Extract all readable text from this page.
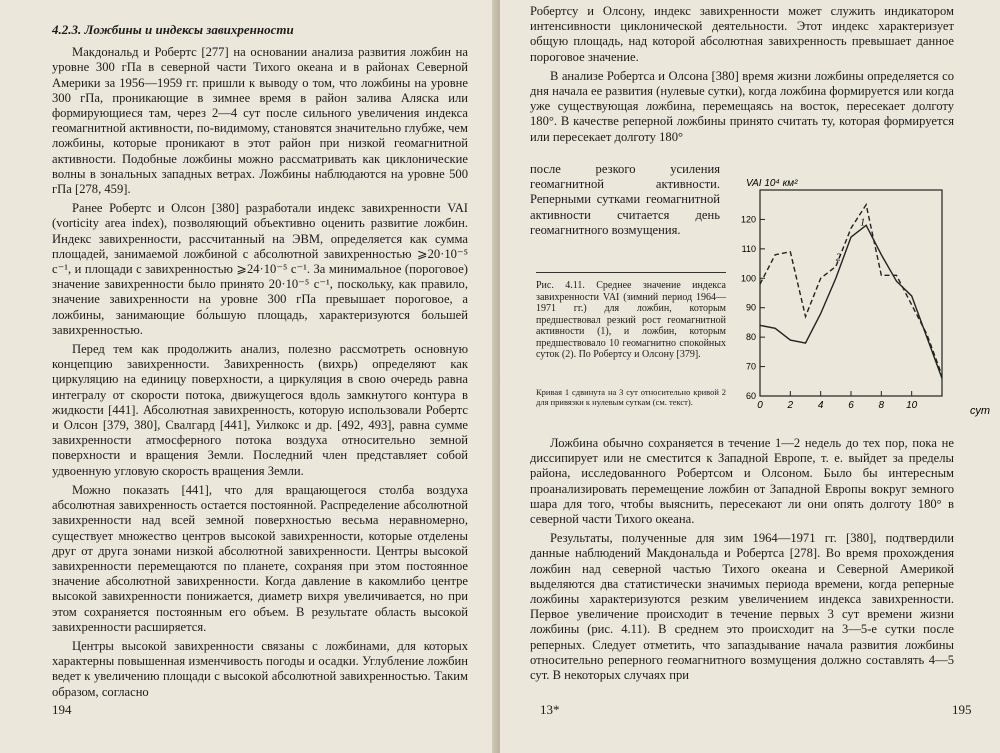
4.2.3. Ложбины и индексы завихренности

Макдональд и Робертс [277] на основании анализа развития ложбин на уровне 300 гПа в северной части Тихого океана и в районах Северной Америки за 1956—1959 гг. пришли к выводу о том, что ложбины на уровне 300 гПа, проникающие в зимнее время в район залива Аляска или формирующиеся там, через 2—4 сут после сильного увеличения индекса геомагнитной активности, по-видимому, становятся значительно глубже, чем ложбины, которые проникают в этот район при низкой геомагнитной активности. Подобные ложбины можно рассматривать как циклонические волны в зональных западных ветрах. Ложбины наблюдаются на уровне 500 гПа [278, 459].

Ранее Робертс и Олсон [380] разработали индекс завихренности VAI (vorticity area index), позволяющий объективно оценить развитие ложбин. Индекс завихренности, рассчитанный на ЭВМ, определяется как сумма площадей, занимаемой ложбиной с абсолютной завихренностью ⩾20·10⁻⁵ с⁻¹, и площади с завихренностью ⩾24·10⁻⁵ с⁻¹. За минимальное (пороговое) значение завихренности было принято 20·10⁻⁵ с⁻¹, поскольку, как правило, значение завихренности на уровне 300 гПа превышает пороговое, а ложбины, занимающие бо́льшую площадь, характеризуются большей завихренностью.

Перед тем как продолжить анализ, полезно рассмотреть основную концепцию завихренности. Завихренность (вихрь) определяют как циркуляцию на единицу поверхности, а циркуляция в свою очередь равна интегралу от скорости потока, движущегося вдоль замкнутого контура в жидкости [441]. Абсолютная завихренность, которую использовали Робертс и Олсон [379, 380], Свалгард [441], Уилкокс и др. [492, 493], равна сумме завихренности атмосферного потока воздуха относительно земной поверхности и вращения Земли. Последний член представляет собой удвоенную угловую скорость вращения Земли.

Можно показать [441], что для вращающегося столба воздуха абсолютная завихренность остается постоянной. Распределение абсолютной завихренности над всей земной поверхностью весьма неравномерно, существует множество центров высокой завихренности, которые отделены друг от друга зонами низкой абсолютной завихренности. Центры высокой завихренности перемещаются по планете, сохраняя при этом постоянное значение абсолютной завихренности. Когда давление в какомлибо центре высокой завихренности понижается, диаметр вихря увеличивается, но при этом сохраняется постоянным его объем. В результате область высокой завихренности расширяется.

Центры высокой завихренности связаны с ложбинами, для которых характерны повышенная изменчивость погоды и осадки. Углубление ложбин ведет к увеличению площади с высокой абсолютной завихренностью. Таким образом, согласно

194

Робертсу и Олсону, индекс завихренности может служить индикатором интенсивности циклонической деятельности. Этот индекс характеризует общую площадь, над которой абсолютная завихренность превышает данное пороговое значение.

В анализе Робертса и Олсона [380] время жизни ложбины определяется со дня начала ее развития (нулевые сутки), когда ложбина формируется или когда уже существующая ложбина, перемещаясь на восток, пересекает долготу 180°. В качестве реперной ложбины принято считать ту, которая формируется или пересекает долготу 180°

после резкого усиления геомагнитной активности. Реперными сутками геомагнитной активности считается день геомагнитного возмущения.

Рис. 4.11. Среднее значение индекса завихренности VAI (зимний период 1964—1971 гг.) для ложбин, которым предшествовал резкий рост геомагнитной активности (1), и ложбин, которым предшествовало 10 геомагнитно спокойных суток (2). По Робертсу и Олсону [379].

Кривая 1 сдвинута на 3 сут относительно кривой 2 для привязки к нулевым суткам (см. текст).
VAI 10⁴ км²
60
70
80
90
100
110
120
0 2 4 6 8 10
1
2
сут

Ложбина обычно сохраняется в течение 1—2 недель до тех пор, пока не диссипирует или не сместится к Западной Европе, т. е. выйдет за пределы района, исследованного Робертсом и Олсоном. Было бы интересным проанализировать перемещение ложбин от Западной Европы вокруг земного шара для того, чтобы выяснить, пересекают ли они опять долготу 180° в северной части Тихого океана.

Результаты, полученные для зим 1964—1971 гг. [380], подтвердили данные наблюдений Макдональда и Робертса [278]. Во время прохождения ложбин над северной частью Тихого океана и Северной Америкой выделяются два статистически значимых периода времени, когда реперные ложбины характеризуются резким увеличением индекса завихренности. Первое увеличение происходит в течение первых 3 сут времени жизни ложбины (рис. 4.11). В среднем это происходит на 3—5-е сутки после реперных. Следует отметить, что запаздывание начала развития ложбины относительно реперного геомагнитного возмущения должно составлять 4—5 сут. В некоторых случаях при

13*	195
